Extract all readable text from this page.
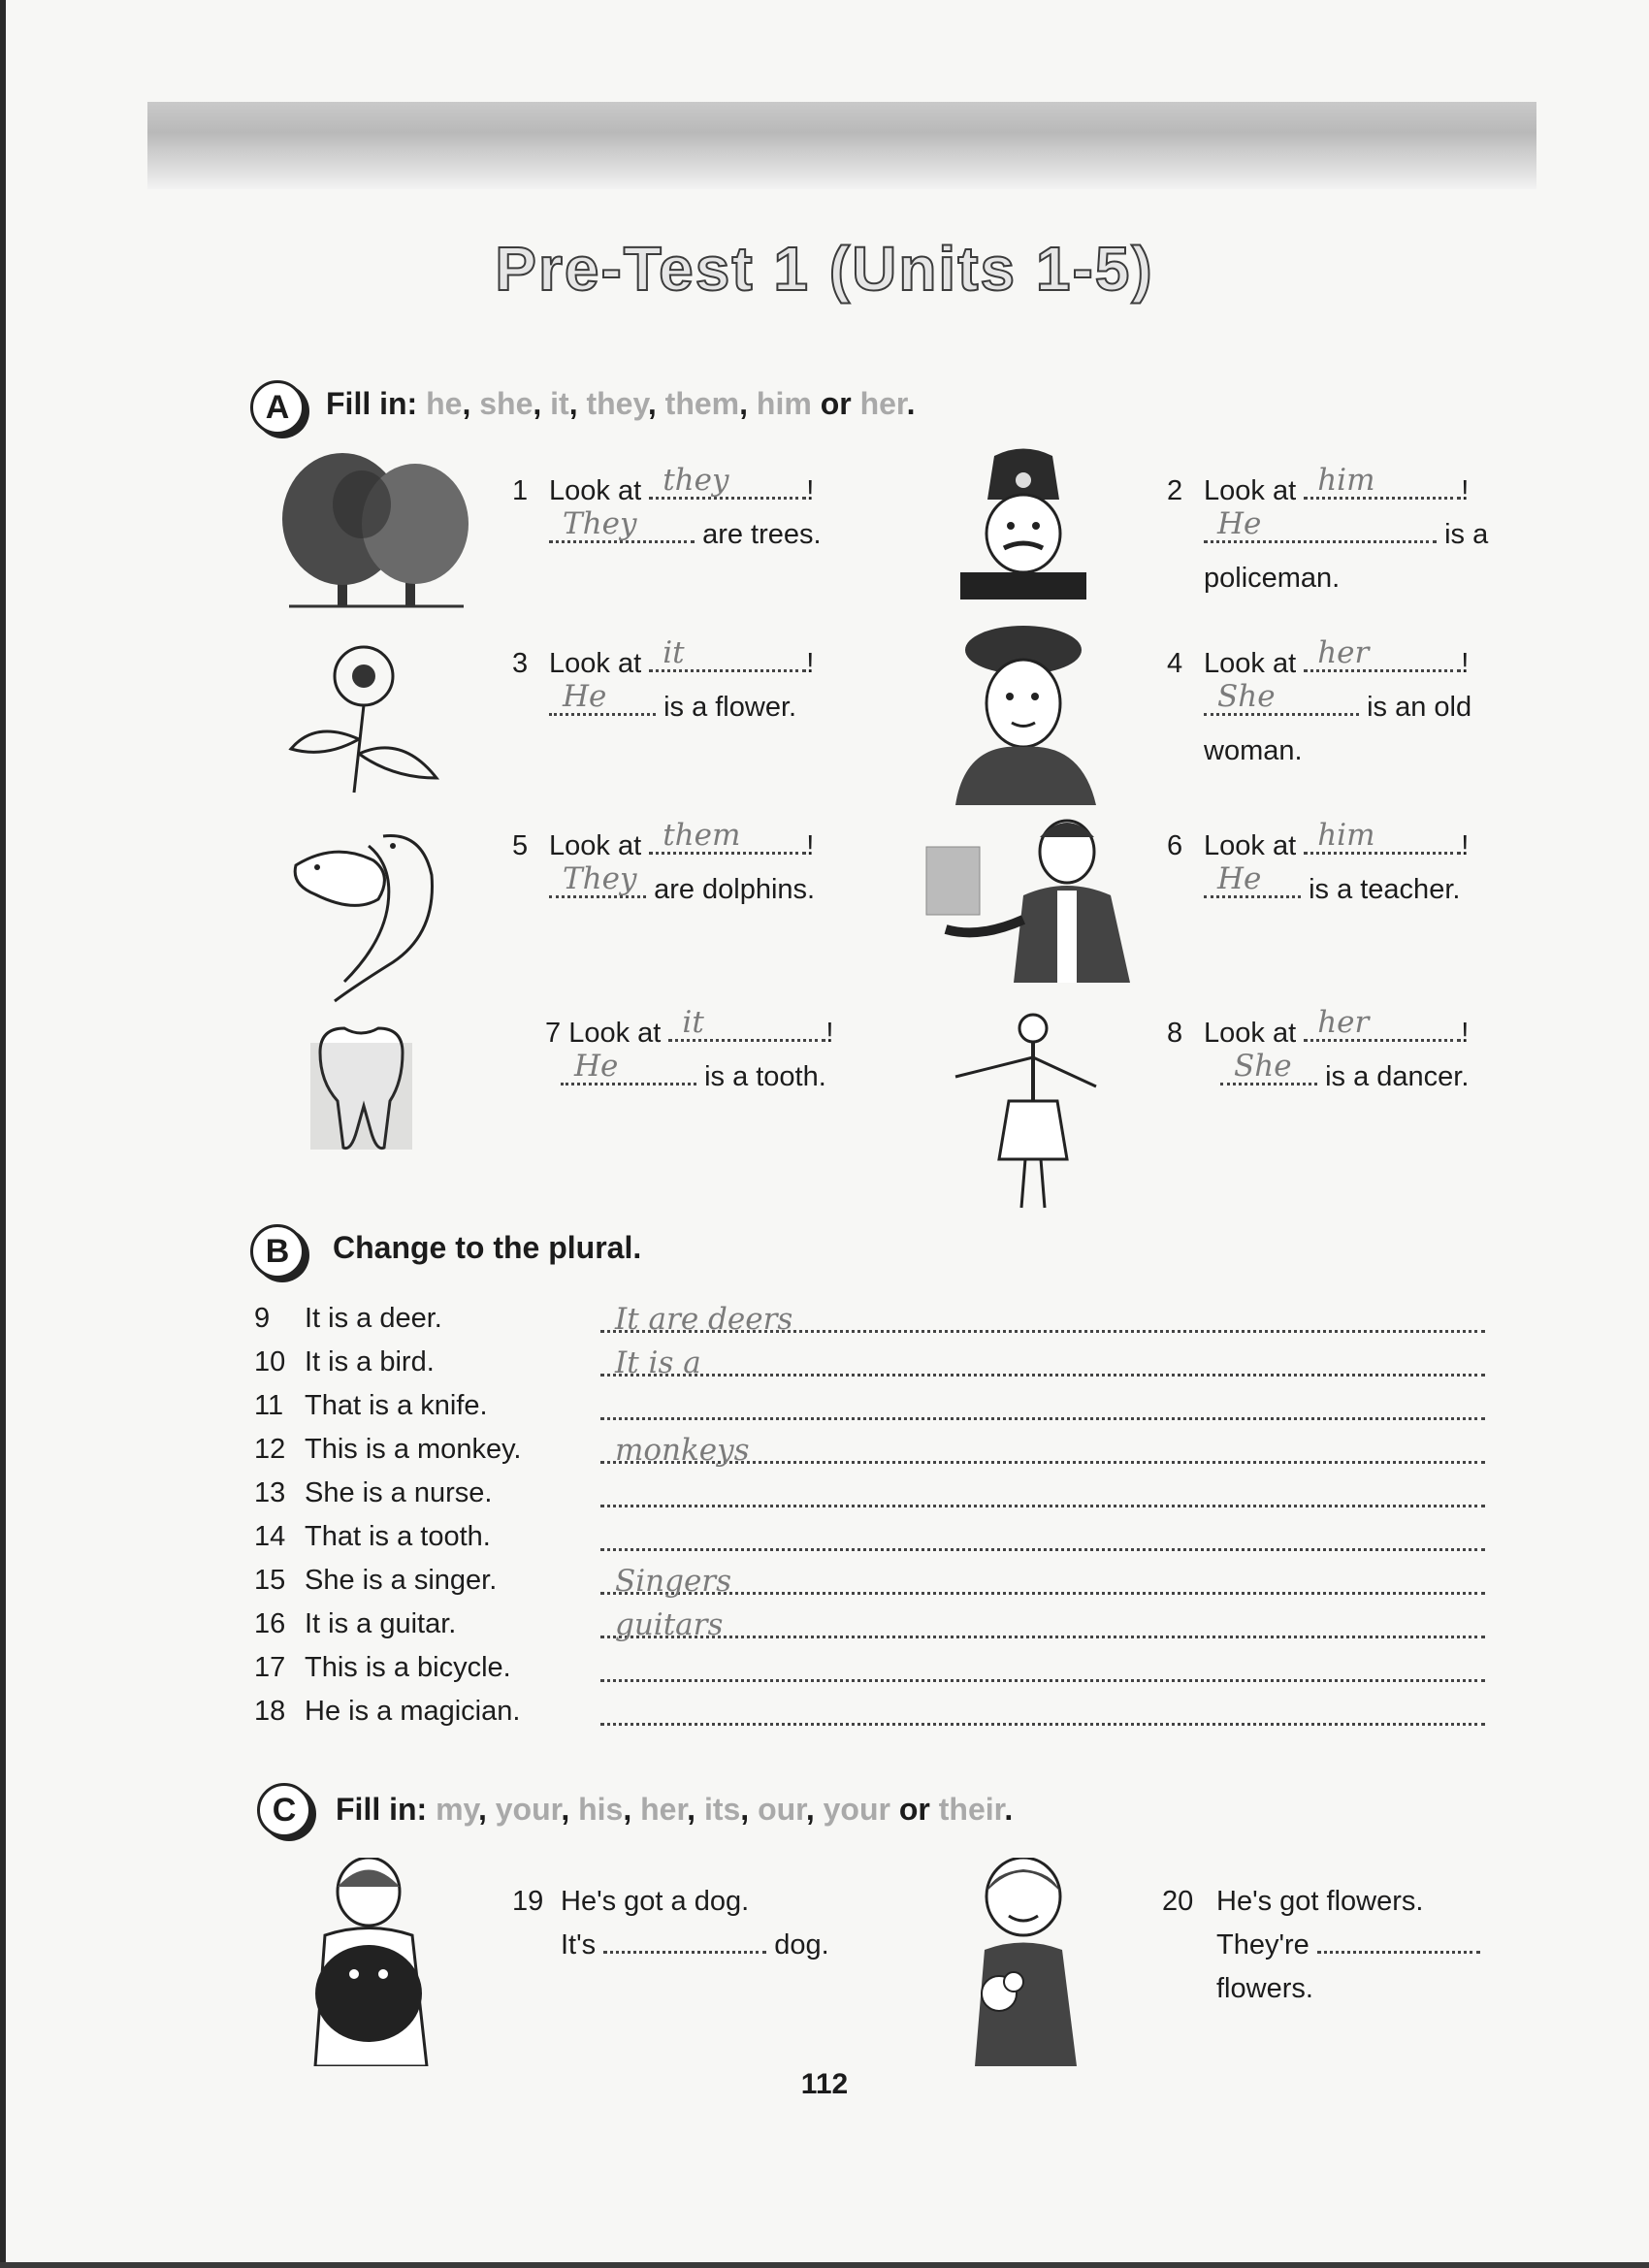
Pre-Test 1 (Units 1-5)
A	Fill in: he, she, it, they, them, him or her.
1 Look at they	!
They are trees.
2 Look at him	!
He	is a
policeman.
3 Look at it	!
He is a flower.
4 Look at her	!
She	is an old
woman.
5 Look at them !
They are dolphins.
6 Look at him	!
He is a teacher.
7 Look at it	!
He	is a tooth.
8 Look at her	!
She is a dancer.
B	Change to the plural.
9 It is a deer.	It are deers
10 It is a bird.	It is a
11 That is a knife.
12 This is a monkey.	monkeys
13 She is a nurse.
14 That is a tooth.
15 She is a singer.	Singers
16 It is a guitar.	guitars
17 This is a bicycle.
18 He is a magician.
C	Fill in: my, your, his, her, its, our, your or their.
19 He's got a dog.
It's	dog.
20 He's got flowers.
They're
flowers.
112
